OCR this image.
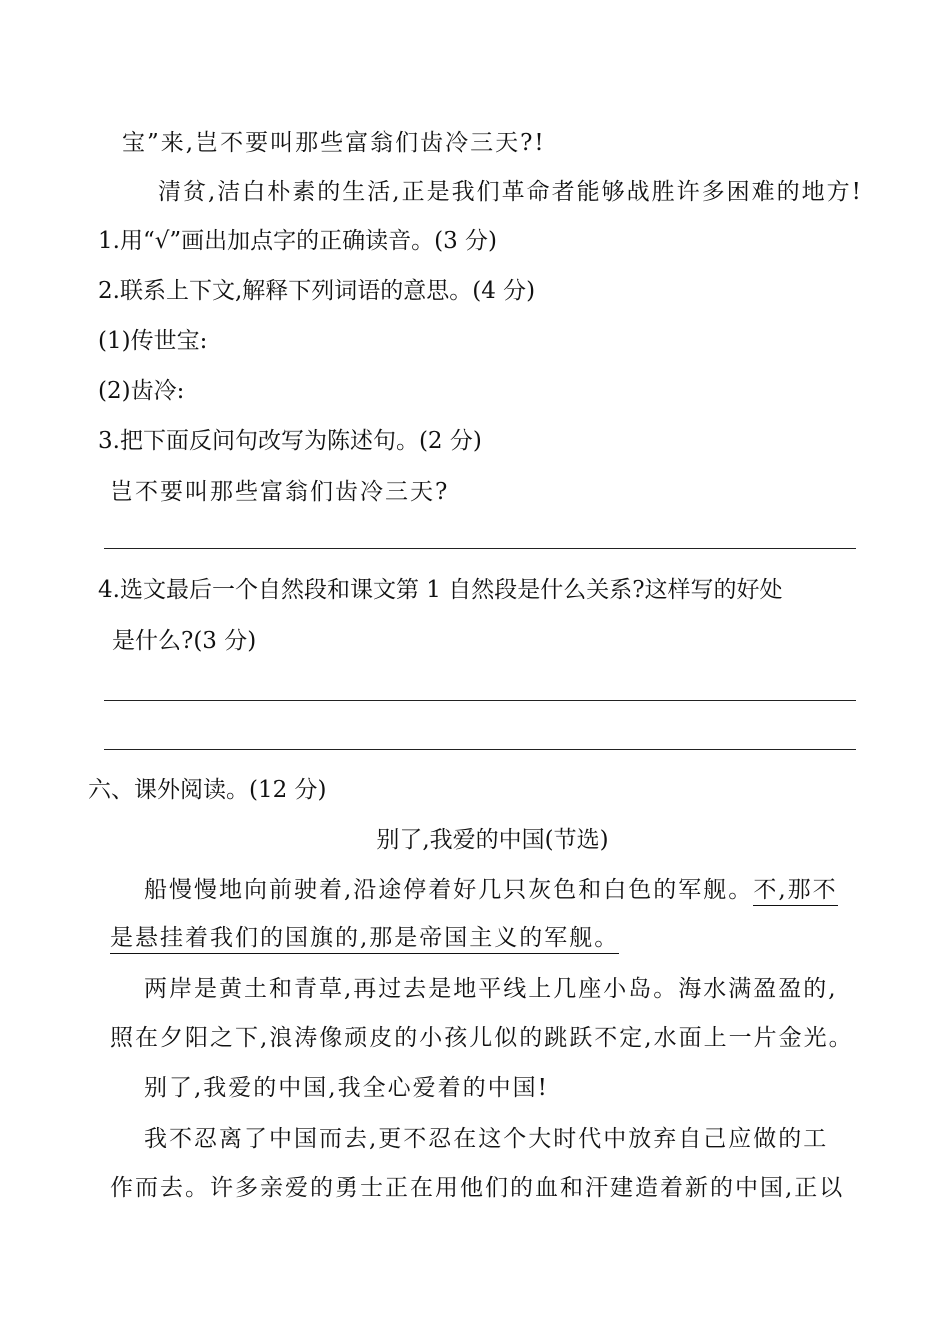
宝”来,岂不要叫那些富翁们齿冷三天?!
清贫,洁白朴素的生活,正是我们革命者能够战胜许多困难的地方!
1.用“√”画出加点字的正确读音。(3 分)
2.联系上下文,解释下列词语的意思。(4 分)
(1)传世宝:
(2)齿冷:
3.把下面反问句改写为陈述句。(2 分)
岂不要叫那些富翁们齿冷三天?
4.选文最后一个自然段和课文第 1 自然段是什么关系?这样写的好处
是什么?(3 分)
六、课外阅读。(12 分)
别了,我爱的中国(节选)
船慢慢地向前驶着,沿途停着好几只灰色和白色的军舰。不,那不
是悬挂着我们的国旗的,那是帝国主义的军舰。
两岸是黄土和青草,再过去是地平线上几座小岛。海水满盈盈的,
照在夕阳之下,浪涛像顽皮的小孩儿似的跳跃不定,水面上一片金光。
别了,我爱的中国,我全心爱着的中国!
我不忍离了中国而去,更不忍在这个大时代中放弃自己应做的工
作而去。许多亲爱的勇士正在用他们的血和汗建造着新的中国,正以
